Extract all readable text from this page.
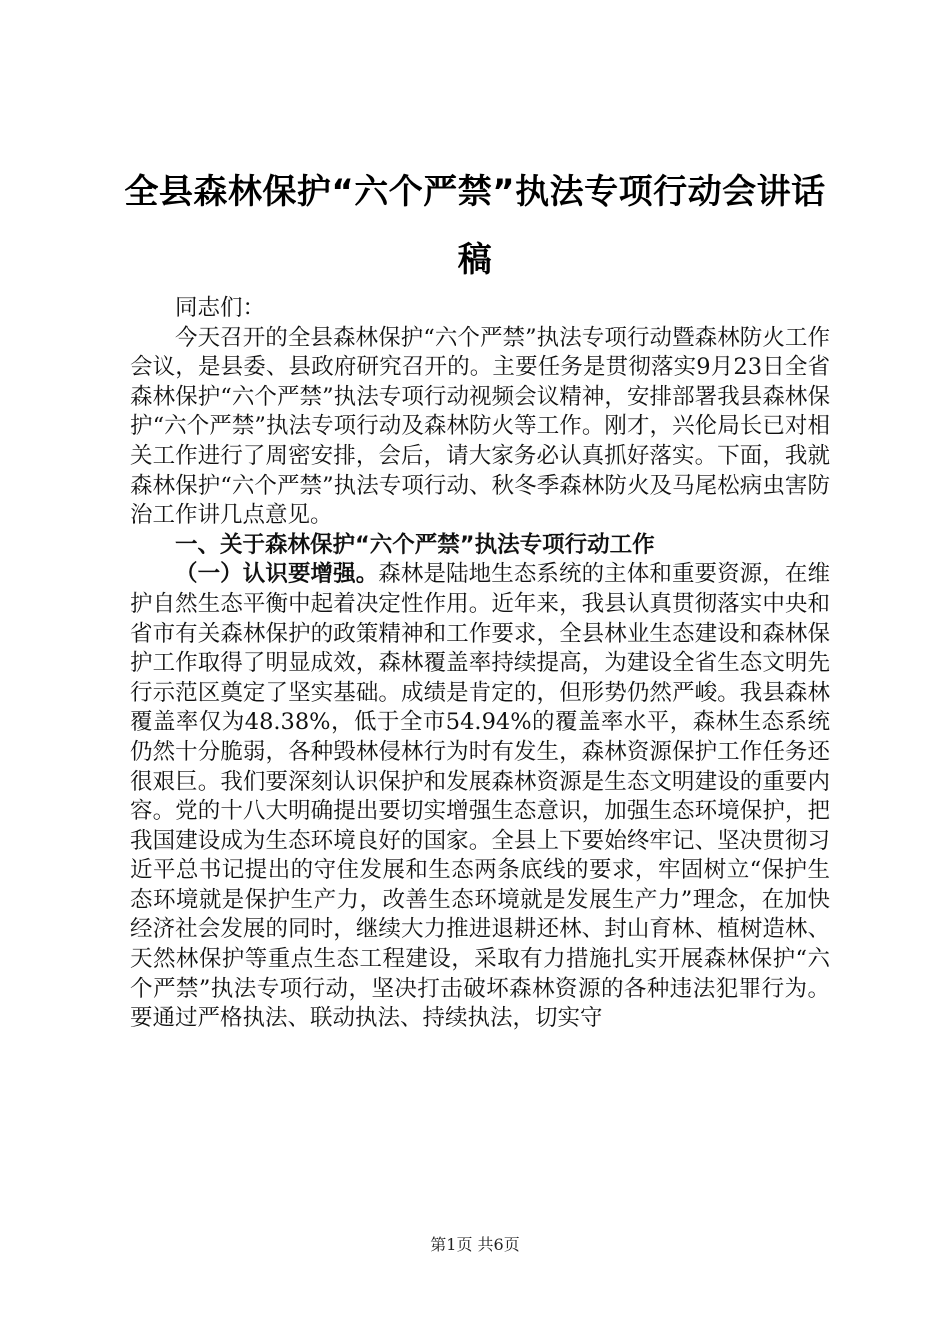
全县森林保护“六个严禁”执法专项行动会讲话稿

同志们：

今天召开的全县森林保护“六个严禁”执法专项行动暨森林防火工作会议，是县委、县政府研究召开的。主要任务是贯彻落实9月23日全省森林保护“六个严禁”执法专项行动视频会议精神，安排部署我县森林保护“六个严禁”执法专项行动及森林防火等工作。刚才，兴伦局长已对相关工作进行了周密安排，会后，请大家务必认真抓好落实。下面，我就森林保护“六个严禁”执法专项行动、秋冬季森林防火及马尾松病虫害防治工作讲几点意见。

一、关于森林保护“六个严禁”执法专项行动工作

（一）认识要增强。森林是陆地生态系统的主体和重要资源，在维护自然生态平衡中起着决定性作用。近年来，我县认真贯彻落实中央和省市有关森林保护的政策精神和工作要求，全县林业生态建设和森林保护工作取得了明显成效，森林覆盖率持续提高，为建设全省生态文明先行示范区奠定了坚实基础。成绩是肯定的，但形势仍然严峻。我县森林覆盖率仅为48.38%，低于全市54.94%的覆盖率水平，森林生态系统仍然十分脆弱，各种毁林侵林行为时有发生，森林资源保护工作任务还很艰巨。我们要深刻认识保护和发展森林资源是生态文明建设的重要内容。党的十八大明确提出要切实增强生态意识，加强生态环境保护，把我国建设成为生态环境良好的国家。全县上下要始终牢记、坚决贯彻习近平总书记提出的守住发展和生态两条底线的要求，牢固树立“保护生态环境就是保护生产力，改善生态环境就是发展生产力”理念，在加快经济社会发展的同时，继续大力推进退耕还林、封山育林、植树造林、天然林保护等重点生态工程建设，采取有力措施扎实开展森林保护“六个严禁”执法专项行动，坚决打击破坏森林资源的各种违法犯罪行为。要通过严格执法、联动执法、持续执法，切实守

第1页 共6页
